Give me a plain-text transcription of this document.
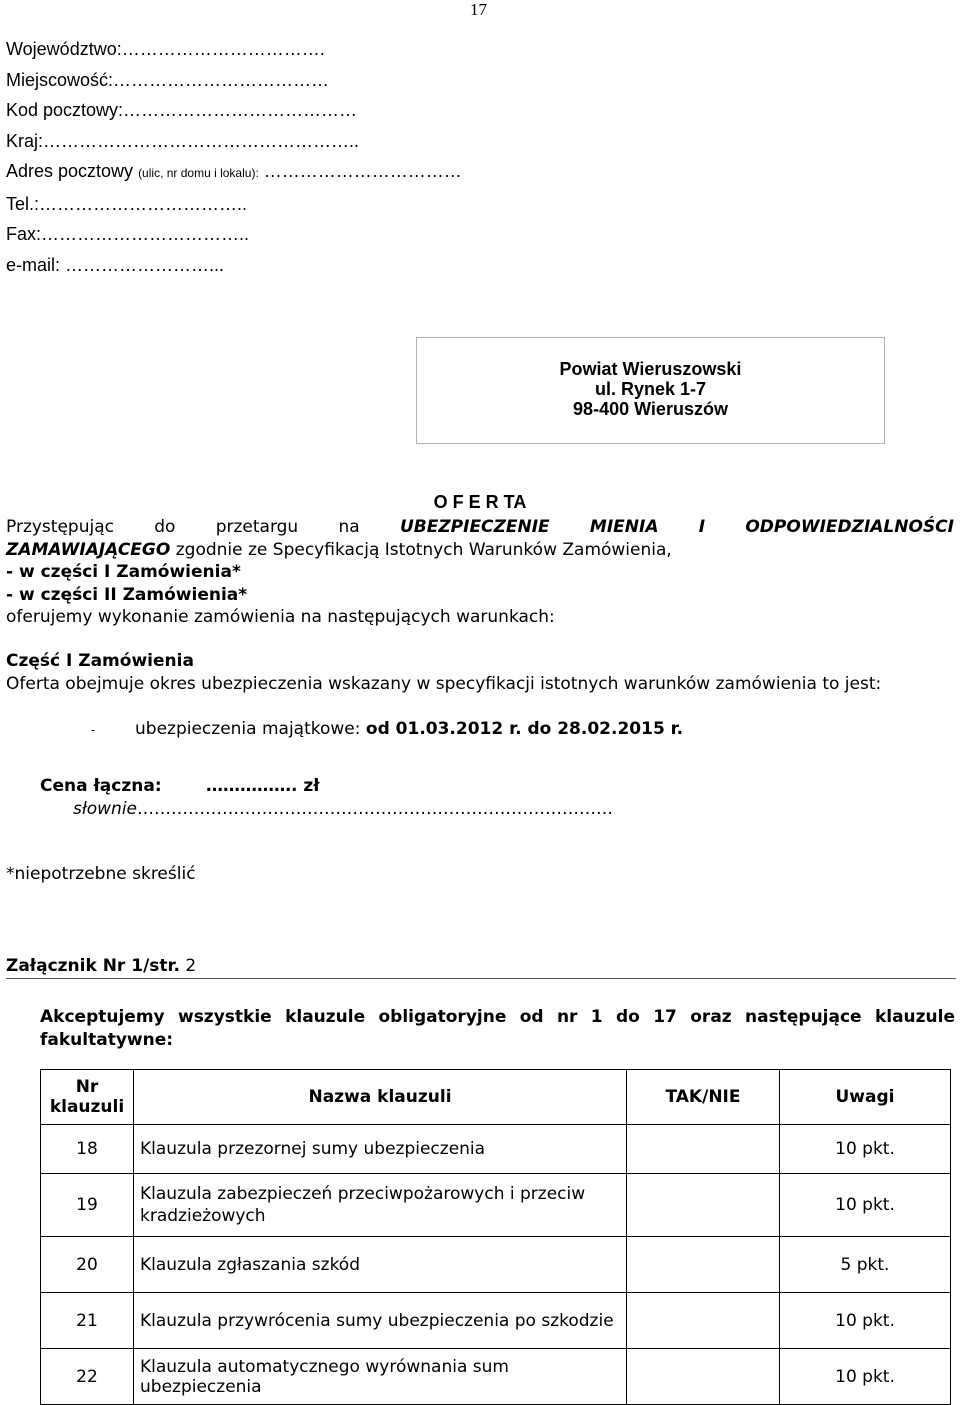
17
Województwo:…………………………….
Miejscowość:………………………………
Kod pocztowy:…………………………………
Kraj:……………………………………………..
Adres pocztowy (ulic, nr domu i lokalu): ……………………………
Tel.:……………………………..
Fax:……………………………..
e-mail: ……………………...
Powiat Wieruszowski
ul. Rynek 1-7
98-400 Wieruszów
O F E R TA
Przystępując do przetargu na UBEZPIECZENIE MIENIA I ODPOWIEDZIALNOŚCI
ZAMAWIAJĄCEGO zgodnie ze Specyfikacją Istotnych Warunków Zamówienia,
- w części I Zamówienia*
- w części II Zamówienia*
oferujemy wykonanie zamówienia na następujących warunkach:
Część I Zamówienia
Oferta obejmuje okres ubezpieczenia wskazany w specyfikacji istotnych warunków zamówienia to jest:
- ubezpieczenia majątkowe: od 01.03.2012 r. do 28.02.2015 r.
Cena łączna:	……………. zł
słownie…………………………………………………………………………
*niepotrzebne skreślić
Załącznik Nr 1/str. 2
Akceptujemy wszystkie klauzule obligatoryjne od nr 1 do 17 oraz następujące klauzule
fakultatywne:
Nr klauzuli	Nazwa klauzuli	TAK/NIE	Uwagi
18	Klauzula przezornej sumy ubezpieczenia		10 pkt.
19	Klauzula zabezpieczeń przeciwpożarowych i przeciw kradzieżowych		10 pkt.
20	Klauzula zgłaszania szkód		5 pkt.
21	Klauzula przywrócenia sumy ubezpieczenia po szkodzie		10 pkt.
22	Klauzula automatycznego wyrównania sum ubezpieczenia		10 pkt.
